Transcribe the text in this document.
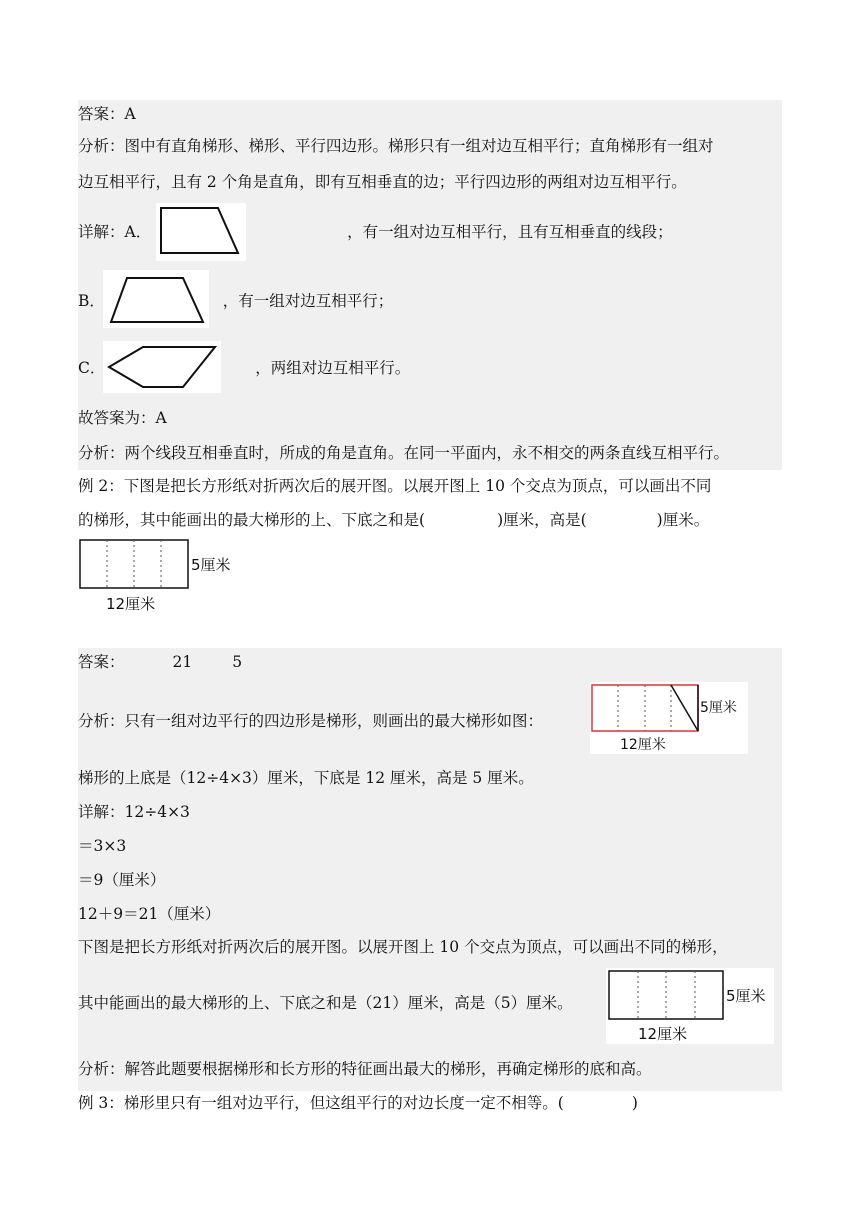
答案：A
分析：图中有直角梯形、梯形、平行四边形。梯形只有一组对边互相平行；直角梯形有一组对
边互相平行，且有 2 个角是直角，即有互相垂直的边；平行四边形的两组对边互相平行。
详解：A．	，有一组对边互相平行，且有互相垂直的线段；
B．	，有一组对边互相平行；
C．	，两组对边互相平行。
故答案为：A
分析：两个线段互相垂直时，所成的角是直角。在同一平面内，永不相交的两条直线互相平行。
例 2：下图是把长方形纸对折两次后的展开图。以展开图上 10 个交点为顶点，可以画出不同
的梯形，其中能画出的最大梯形的上、下底之和是(	)厘米，高是(	)厘米。
5厘米
12厘米
答案：	21	5
分析：只有一组对边平行的四边形是梯形，则画出的最大梯形如图：	这个
5厘米
12厘米
梯形的上底是（12÷4×3）厘米，下底是 12 厘米，高是 5 厘米。
详解：12÷4×3
＝3×3
＝9（厘米）
12＋9＝21（厘米）
下图是把长方形纸对折两次后的展开图。以展开图上 10 个交点为顶点，可以画出不同的梯形，
其中能画出的最大梯形的上、下底之和是（21）厘米，高是（5）厘米。	5厘米
12厘米
分析：解答此题要根据梯形和长方形的特征画出最大的梯形，再确定梯形的底和高。
例 3：梯形里只有一组对边平行，但这组平行的对边长度一定不相等。(	)
